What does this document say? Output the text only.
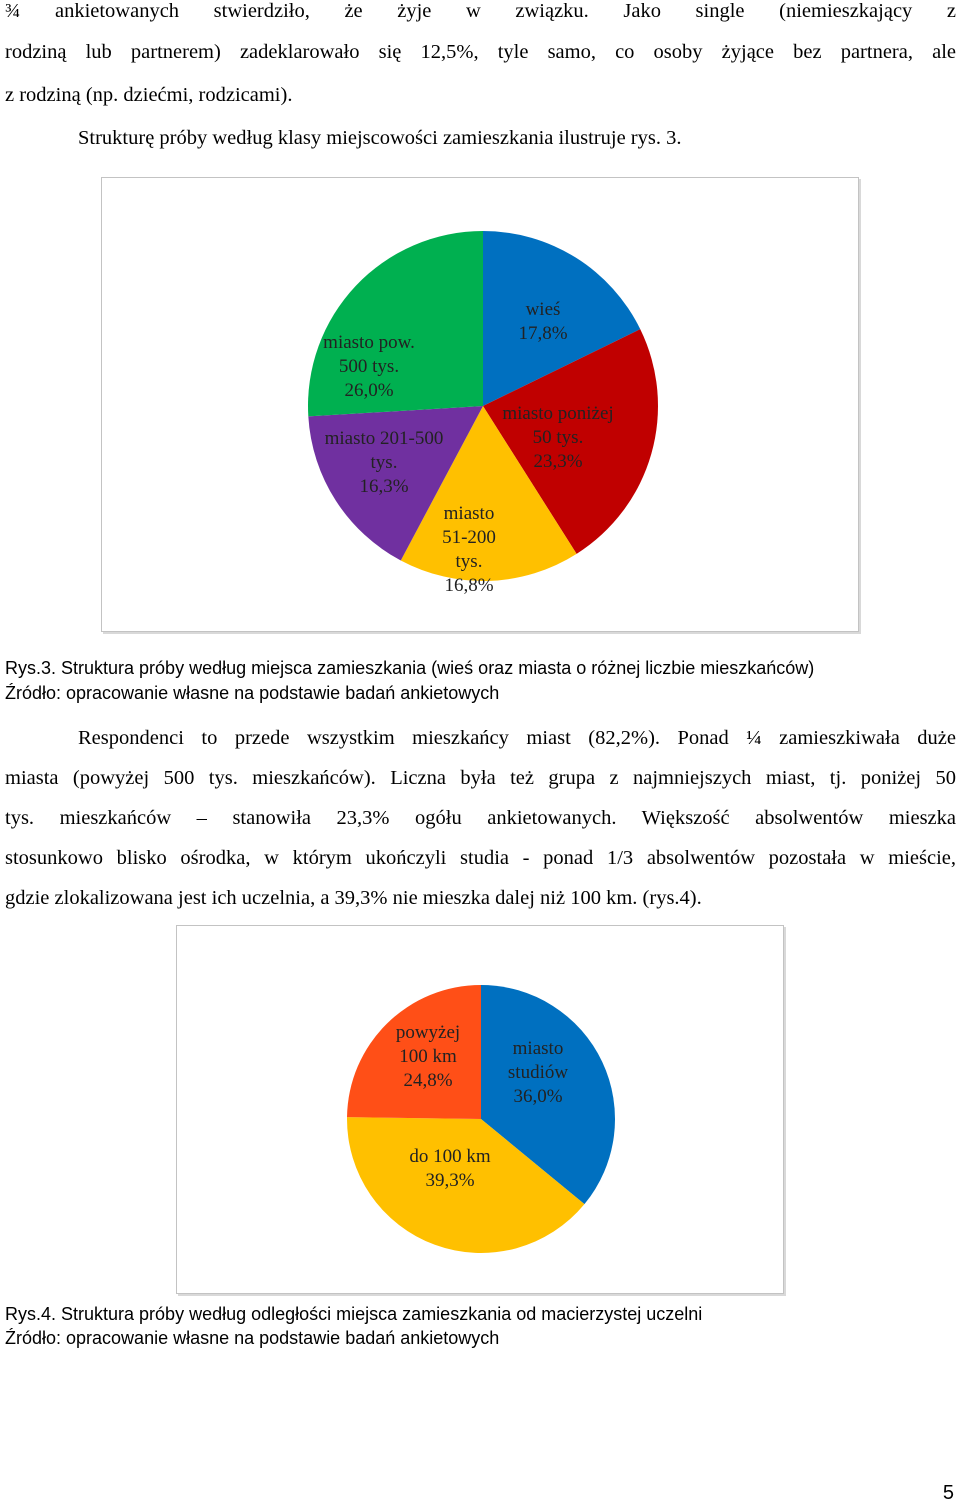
¾ ankietowanych stwierdziło, że żyje w związku. Jako single (niemieszkający z
rodziną lub partnerem) zadeklarowało się 12,5%, tyle samo, co osoby żyjące bez partnera, ale
z rodziną (np. dziećmi, rodzicami).
Strukturę próby według klasy miejscowości zamieszkania ilustruje rys. 3.
wieś 17,8%
miasto poniżej 50 tys. 23,3%
miasto 51-200 tys. 16,8%
miasto 201-500 tys. 16,3%
miasto pow. 500 tys. 26,0%
Rys.3. Struktura próby według miejsca zamieszkania (wieś oraz miasta o różnej liczbie mieszkańców)
Źródło: opracowanie własne na podstawie badań ankietowych
Respondenci to przede wszystkim mieszkańcy miast (82,2%). Ponad ¼ zamieszkiwała duże
miasta (powyżej 500 tys. mieszkańców). Liczna była też grupa z najmniejszych miast, tj. poniżej 50
tys. mieszkańców – stanowiła 23,3% ogółu ankietowanych. Większość absolwentów mieszka
stosunkowo blisko ośrodka, w którym ukończyli studia - ponad 1/3 absolwentów pozostała w mieście,
gdzie zlokalizowana jest ich uczelnia, a 39,3% nie mieszka dalej niż 100 km. (rys.4).
miasto studiów 36,0%
do 100 km 39,3%
powyżej 100 km 24,8%
Rys.4. Struktura próby według odległości miejsca zamieszkania od macierzystej uczelni
Źródło: opracowanie własne na podstawie badań ankietowych
5
